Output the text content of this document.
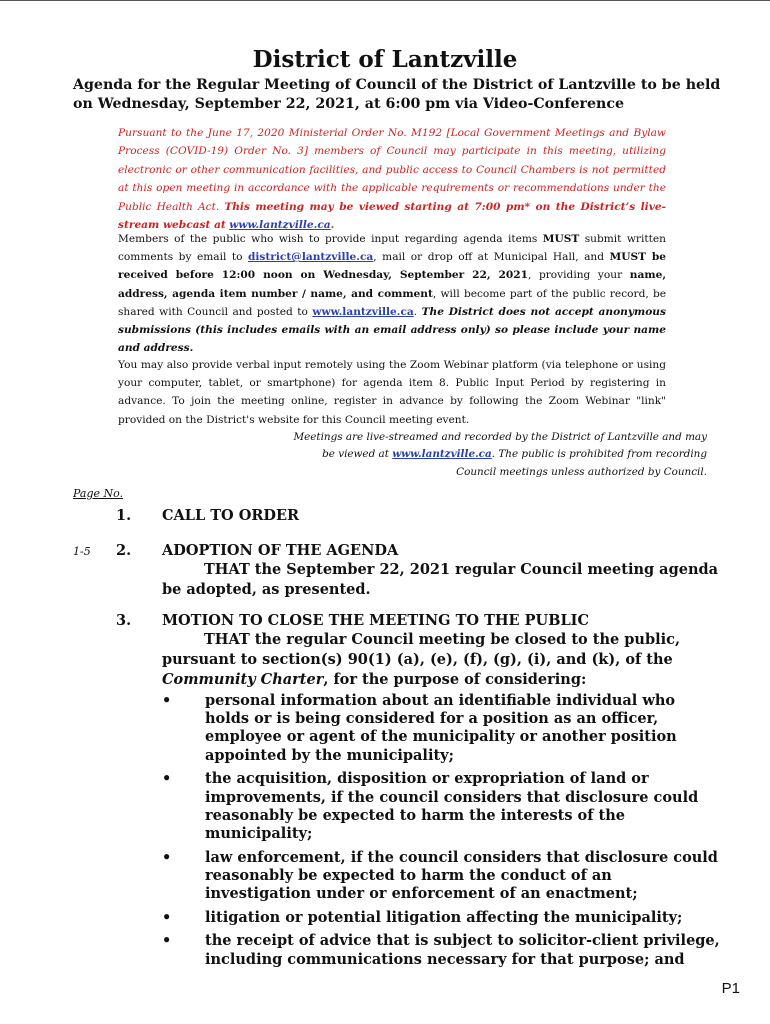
District of Lantzville
Agenda for the Regular Meeting of Council of the District of Lantzville to be held on Wednesday, September 22, 2021, at 6:00 pm via Video-Conference
Pursuant to the June 17, 2020 Ministerial Order No. M192 [Local Government Meetings and Bylaw Process (COVID-19) Order No. 3] members of Council may participate in this meeting, utilizing electronic or other communication facilities, and public access to Council Chambers is not permitted at this open meeting in accordance with the applicable requirements or recommendations under the Public Health Act. This meeting may be viewed starting at 7:00 pm* on the District’s live-stream webcast at www.lantzville.ca.
Members of the public who wish to provide input regarding agenda items MUST submit written comments by email to district@lantzville.ca, mail or drop off at Municipal Hall, and MUST be received before 12:00 noon on Wednesday, September 22, 2021, providing your name, address, agenda item number / name, and comment, will become part of the public record, be shared with Council and posted to www.lantzville.ca. The District does not accept anonymous submissions (this includes emails with an email address only) so please include your name and address.
You may also provide verbal input remotely using the Zoom Webinar platform (via telephone or using your computer, tablet, or smartphone) for agenda item 8. Public Input Period by registering in advance. To join the meeting online, register in advance by following the Zoom Webinar "link" provided on the District's website for this Council meeting event.
Meetings are live-streamed and recorded by the District of Lantzville and may be viewed at www.lantzville.ca. The public is prohibited from recording Council meetings unless authorized by Council.
Page No.
1. CALL TO ORDER
1-5 2. ADOPTION OF THE AGENDA
THAT the September 22, 2021 regular Council meeting agenda be adopted, as presented.
3. MOTION TO CLOSE THE MEETING TO THE PUBLIC
THAT the regular Council meeting be closed to the public, pursuant to section(s) 90(1) (a), (e), (f), (g), (i), and (k), of the Community Charter, for the purpose of considering:
• personal information about an identifiable individual who holds or is being considered for a position as an officer, employee or agent of the municipality or another position appointed by the municipality;
• the acquisition, disposition or expropriation of land or improvements, if the council considers that disclosure could reasonably be expected to harm the interests of the municipality;
• law enforcement, if the council considers that disclosure could reasonably be expected to harm the conduct of an investigation under or enforcement of an enactment;
• litigation or potential litigation affecting the municipality;
• the receipt of advice that is subject to solicitor-client privilege, including communications necessary for that purpose; and
P1
